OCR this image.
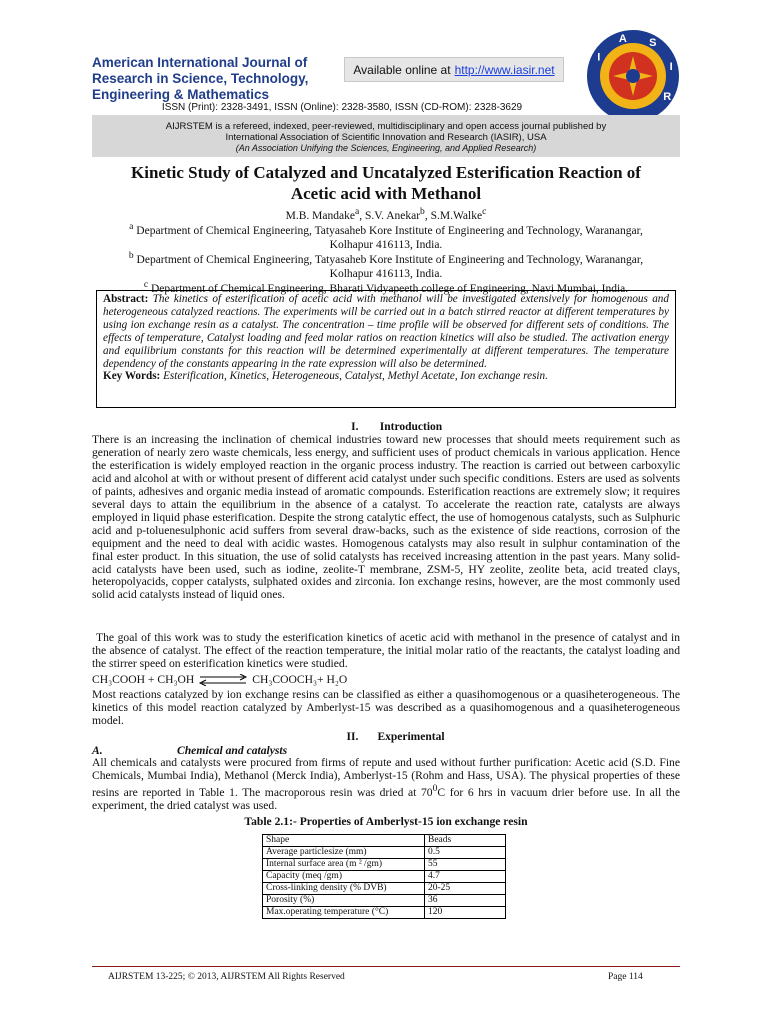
American International Journal of
Research in Science, Technology,
Engineering & Mathematics
Available online at http://www.iasir.net
I
A S
I
R
ISSN (Print): 2328-3491, ISSN (Online): 2328-3580, ISSN (CD-ROM): 2328-3629
AIJRSTEM is a refereed, indexed, peer-reviewed, multidisciplinary and open access journal published by
International Association of Scientific Innovation and Research (IASIR), USA
(An Association Unifying the Sciences, Engineering, and Applied Research)
Kinetic Study of Catalyzed and Uncatalyzed Esterification Reaction of
Acetic acid with Methanol
M.B. Mandake$^a$, S.V. Anekar$^b$, S.M.Walke$^c$
$^a$ Department of Chemical Engineering, Tatyasaheb Kore Institute of Engineering and Technology, Waranangar,
Kolhapur 416113, India.
$^b$ Department of Chemical Engineering, Tatyasaheb Kore Institute of Engineering and Technology, Waranangar,
Kolhapur 416113, India.
$^c$ Department of Chemical Engineering, Bharati Vidyapeeth college of Engineering, Navi Mumbai, India.
Abstract: The kinetics of esterification of acetic acid with methanol will be investigated extensively for homogenous and heterogeneous catalyzed reactions. The experiments will be carried out in a batch stirred reactor at different temperatures by using ion exchange resin as a catalyst. The concentration – time profile will be observed for different sets of conditions. The effects of temperature, Catalyst loading and feed molar ratios on reaction kinetics will also be studied. The activation energy and equilibrium constants for this reaction will be determined experimentally at different temperatures. The temperature dependency of the constants appearing in the rate expression will also be determined.
Key Words: Esterification, Kinetics, Heterogeneous, Catalyst, Methyl Acetate, Ion exchange resin.
I. Introduction

There is an increasing the inclination of chemical industries toward new processes that should meets requirement such as generation of nearly zero waste chemicals, less energy, and sufficient uses of product chemicals in various application. Hence the esterification is widely employed reaction in the organic process industry. The reaction is carried out between carboxylic acid and alcohol at with or without present of different acid catalyst under such specific conditions. Esters are used as solvents of paints, adhesives and organic media instead of aromatic compounds. Esterification reactions are extremely slow; it requires several days to attain the equilibrium in the absence of a catalyst. To accelerate the reaction rate, catalysts are always employed in liquid phase esterification. Despite the strong catalytic effect, the use of homogenous catalysts, such as Sulphuric acid and p-toluenesulphonic acid suffers from several draw-backs, such as the existence of side reactions, corrosion of the equipment and the need to deal with acidic wastes. Homogenous catalysts may also result in sulphur contamination of the final ester product. In this situation, the use of solid catalysts has received increasing attention in the past years. Many solid-acid catalysts have been used, such as iodine, zeolite-T membrane, ZSM-5, HY zeolite, zeolite beta, acid treated clays, heteropolyacids, copper catalysts, sulphated oxides and zirconia. Ion exchange resins, however, are the most commonly used solid acid catalysts instead of liquid ones.

The goal of this work was to study the esterification kinetics of acetic acid with methanol in the presence of catalyst and in the absence of catalyst. The effect of the reaction temperature, the initial molar ratio of the reactants, the catalyst loading and the stirrer speed on esterification kinetics were studied.

CH₃COOH + CH₃OH	CH₃COOCH₃+ H₂O

Most reactions catalyzed by ion exchange resins can be classified as either a quasihomogenous or a quasiheterogeneous. The kinetics of this model reaction catalyzed by Amberlyst-15 was described as a quasihomogenous and a quasiheterogeneous model.

II. Experimental
A.	Chemical and catalysts

All chemicals and catalysts were procured from firms of repute and used without further purification: Acetic acid (S.D. Fine Chemicals, Mumbai India), Methanol (Merck India), Amberlyst-15 (Rohm and Hass, USA). The physical properties of these resins are reported in Table 1. The macroporous resin was dried at $70^0C$ for 6 hrs in vacuum drier before use. In all the experiment, the dried catalyst was used.

Table 2.1:- Properties of Amberlyst-15 ion exchange resin
Shape	Beads
Average particlesize (mm)	0.5
Internal surface area (m ² /gm)	55
Capacity (meq /gm)	4.7
Cross-linking density (% DVB)	20-25
Porosity (%)	36
Max.operating temperature (°C)	120
AIJRSTEM 13-225; © 2013, AIJRSTEM All Rights Reserved	Page 114
